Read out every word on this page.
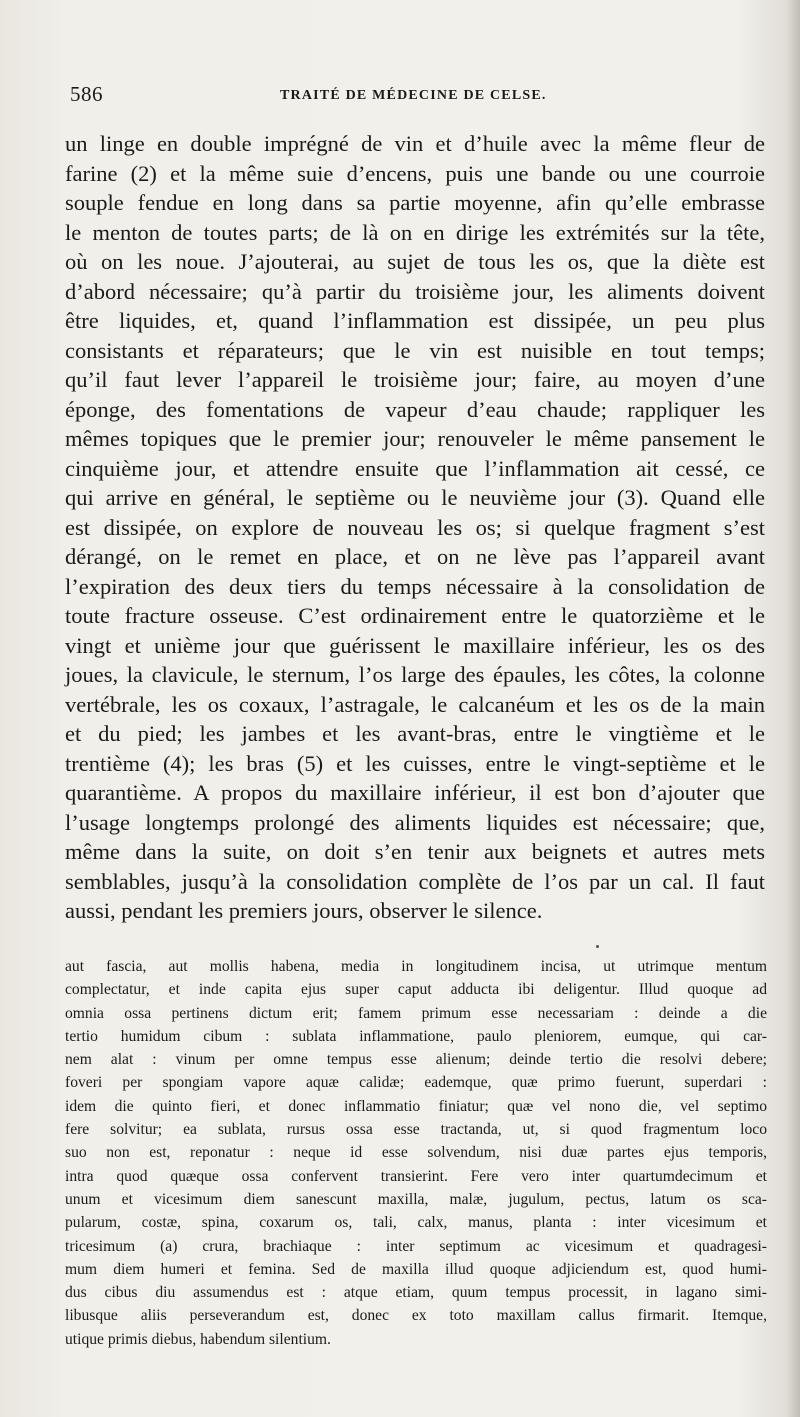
586	TRAITÉ DE MÉDECINE DE CELSE.
un linge en double imprégné de vin et d’huile avec la même fleur de
farine (2) et la même suie d’encens, puis une bande ou une courroie
souple fendue en long dans sa partie moyenne, afin qu’elle embrasse
le menton de toutes parts; de là on en dirige les extrémités sur la tête,
où on les noue. J’ajouterai, au sujet de tous les os, que la diète est
d’abord nécessaire; qu’à partir du troisième jour, les aliments doivent
être liquides, et, quand l’inflammation est dissipée, un peu plus
consistants et réparateurs; que le vin est nuisible en tout temps;
qu’il faut lever l’appareil le troisième jour; faire, au moyen d’une
éponge, des fomentations de vapeur d’eau chaude; rappliquer les
mêmes topiques que le premier jour; renouveler le même pansement le
cinquième jour, et attendre ensuite que l’inflammation ait cessé, ce
qui arrive en général, le septième ou le neuvième jour (3). Quand elle
est dissipée, on explore de nouveau les os; si quelque fragment s’est
dérangé, on le remet en place, et on ne lève pas l’appareil avant
l’expiration des deux tiers du temps nécessaire à la consolidation de
toute fracture osseuse. C’est ordinairement entre le quatorzième et le
vingt et unième jour que guérissent le maxillaire inférieur, les os des
joues, la clavicule, le sternum, l’os large des épaules, les côtes, la colonne
vertébrale, les os coxaux, l’astragale, le calcanéum et les os de la main
et du pied; les jambes et les avant-bras, entre le vingtième et le
trentième (4); les bras (5) et les cuisses, entre le vingt-septième et le
quarantième. A propos du maxillaire inférieur, il est bon d’ajouter que
l’usage longtemps prolongé des aliments liquides est nécessaire; que,
même dans la suite, on doit s’en tenir aux beignets et autres mets
semblables, jusqu’à la consolidation complète de l’os par un cal. Il faut
aussi, pendant les premiers jours, observer le silence.
aut fascia, aut mollis habena, media in longitudinem incisa, ut utrimque mentum
complectatur, et inde capita ejus super caput adducta ibi deligentur. Illud quoque ad
omnia ossa pertinens dictum erit; famem primum esse necessariam : deinde a die
tertio humidum cibum : sublata inflammatione, paulo pleniorem, eumque, qui car-
nem alat : vinum per omne tempus esse alienum; deinde tertio die resolvi debere;
foveri per spongiam vapore aquæ calidæ; eademque, quæ primo fuerunt, superdari :
idem die quinto fieri, et donec inflammatio finiatur; quæ vel nono die, vel septimo
fere solvitur; ea sublata, rursus ossa esse tractanda, ut, si quod fragmentum loco
suo non est, reponatur : neque id esse solvendum, nisi duæ partes ejus temporis,
intra quod quæque ossa confervent transierint. Fere vero inter quartumdecimum et
unum et vicesimum diem sanescunt maxilla, malæ, jugulum, pectus, latum os sca-
pularum, costæ, spina, coxarum os, tali, calx, manus, planta : inter vicesimum et
tricesimum (a) crura, brachiaque : inter septimum ac vicesimum et quadragesi-
mum diem humeri et femina. Sed de maxilla illud quoque adjiciendum est, quod humi-
dus cibus diu assumendus est : atque etiam, quum tempus processit, in lagano simi-
libusque aliis perseverandum est, donec ex toto maxillam callus firmarit. Itemque,
utique primis diebus, habendum silentium.
